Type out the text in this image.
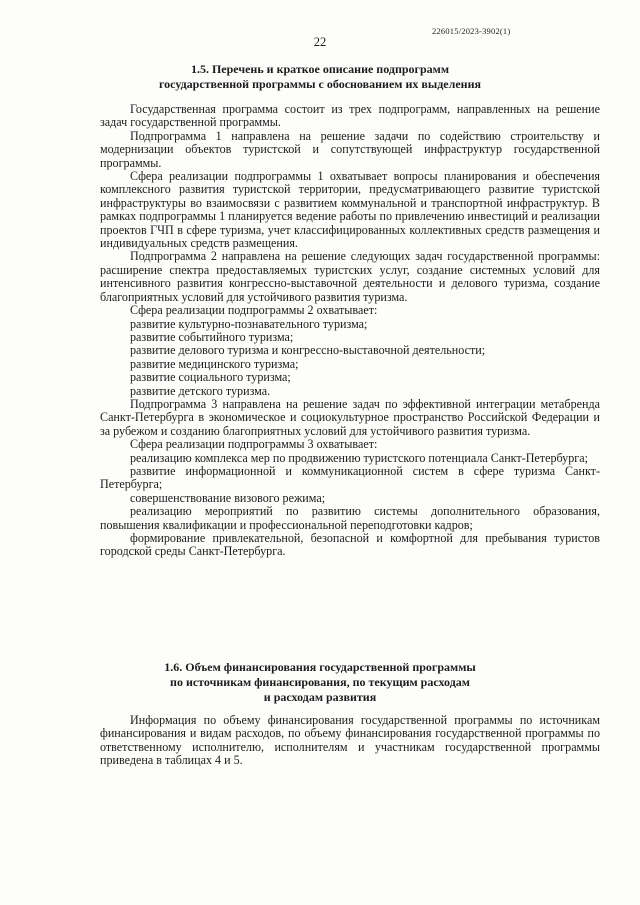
226015/2023-3902(1)
22
1.5. Перечень и краткое описание подпрограмм
государственной программы с обоснованием их выделения

Государственная программа состоит из трех подпрограмм, направленных на решение задач государственной программы.

Подпрограмма 1 направлена на решение задачи по содействию строительству и модернизации объектов туристской и сопутствующей инфраструктур государственной программы.

Сфера реализации подпрограммы 1 охватывает вопросы планирования и обеспечения комплексного развития туристской территории, предусматривающего развитие туристской инфраструктуры во взаимосвязи с развитием коммунальной и транспортной инфраструктур. В рамках подпрограммы 1 планируется ведение работы по привлечению инвестиций и реализации проектов ГЧП в сфере туризма, учет классифицированных коллективных средств размещения и индивидуальных средств размещения.

Подпрограмма 2 направлена на решение следующих задач государственной программы: расширение спектра предоставляемых туристских услуг, создание системных условий для интенсивного развития конгрессно-выставочной деятельности и делового туризма, создание благоприятных условий для устойчивого развития туризма.

Сфера реализации подпрограммы 2 охватывает:

развитие культурно-познавательного туризма;

развитие событийного туризма;

развитие делового туризма и конгрессно-выставочной деятельности;

развитие медицинского туризма;

развитие социального туризма;

развитие детского туризма.

Подпрограмма 3 направлена на решение задач по эффективной интеграции метабренда Санкт-Петербурга в экономическое и социокультурное пространство Российской Федерации и за рубежом и созданию благоприятных условий для устойчивого развития туризма.

Сфера реализации подпрограммы 3 охватывает:

реализацию комплекса мер по продвижению туристского потенциала Санкт-Петербурга;

развитие информационной и коммуникационной систем в сфере туризма Санкт-Петербурга;

совершенствование визового режима;

реализацию мероприятий по развитию системы дополнительного образования, повышения квалификации и профессиональной переподготовки кадров;

формирование привлекательной, безопасной и комфортной для пребывания туристов городской среды Санкт-Петербурга.

1.6. Объем финансирования государственной программы
по источникам финансирования, по текущим расходам
и расходам развития

Информация по объему финансирования государственной программы по источникам финансирования и видам расходов, по объему финансирования государственной программы по ответственному исполнителю, исполнителям и участникам государственной программы приведена в таблицах 4 и 5.
